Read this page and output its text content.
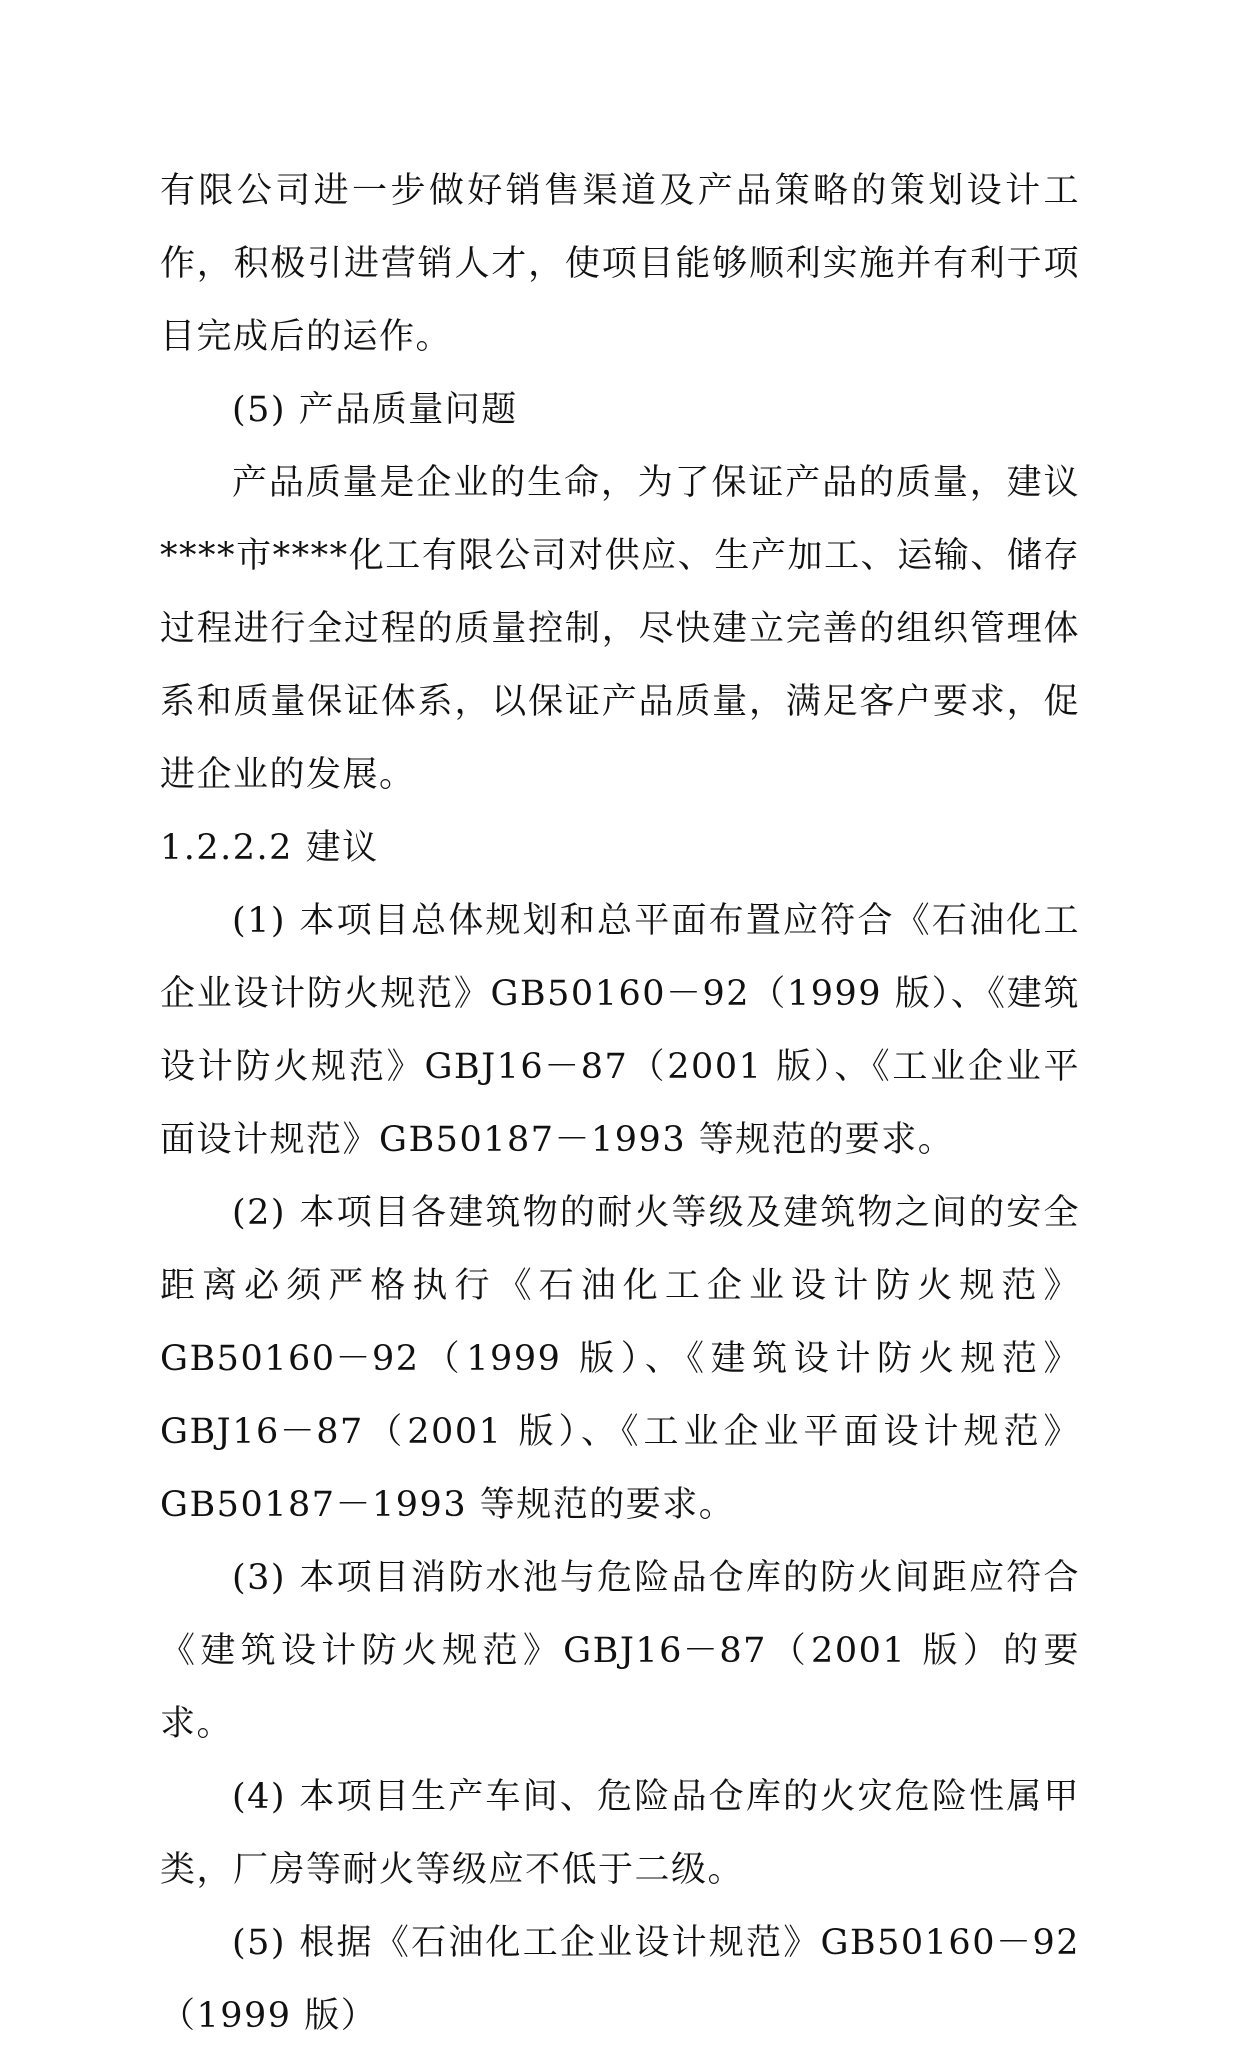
有限公司进一步做好销售渠道及产品策略的策划设计工作，积极引进营销人才，使项目能够顺利实施并有利于项目完成后的运作。

(5) 产品质量问题

产品质量是企业的生命，为了保证产品的质量，建议****市****化工有限公司对供应、生产加工、运输、储存过程进行全过程的质量控制，尽快建立完善的组织管理体系和质量保证体系，以保证产品质量，满足客户要求，促进企业的发展。

1.2.2.2 建议

(1) 本项目总体规划和总平面布置应符合《石油化工企业设计防火规范》GB50160－92（1999 版）、《建筑设计防火规范》GBJ16－87（2001 版）、《工业企业平面设计规范》GB50187－1993 等规范的要求。

(2) 本项目各建筑物的耐火等级及建筑物之间的安全距离必须严格执行《石油化工企业设计防火规范》GB50160－92（1999 版）、《建筑设计防火规范》GBJ16－87（2001 版）、《工业企业平面设计规范》GB50187－1993 等规范的要求。

(3) 本项目消防水池与危险品仓库的防火间距应符合《建筑设计防火规范》GBJ16－87（2001 版）的要求。

(4) 本项目生产车间、危险品仓库的火灾危险性属甲类，厂房等耐火等级应不低于二级。

(5) 根据《石油化工企业设计规范》GB50160－92（1999 版）
